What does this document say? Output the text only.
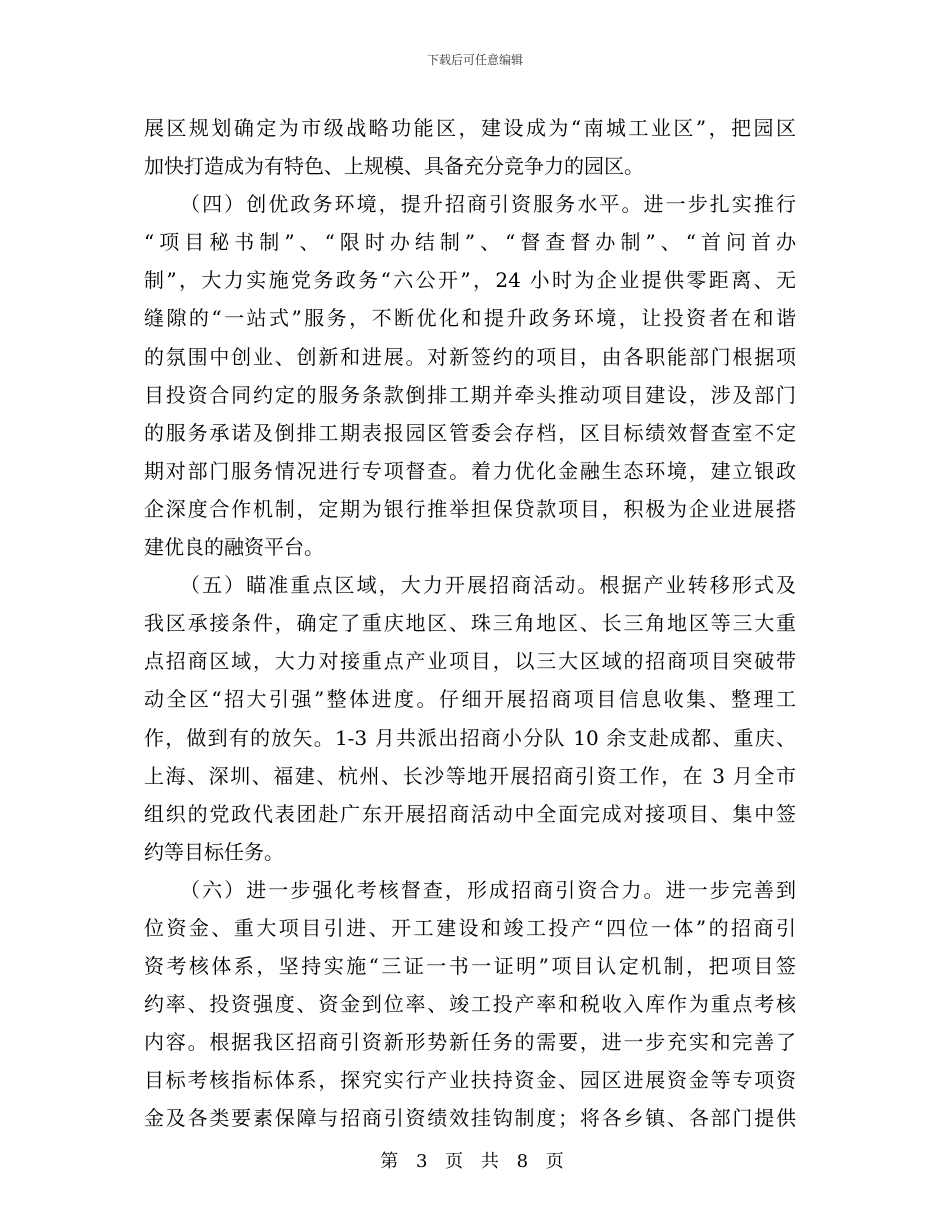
下载后可任意编辑
展区规划确定为市级战略功能区，建设成为“南城工业区”，把园区
加快打造成为有特色、上规模、具备充分竞争力的园区。
（四）创优政务环境，提升招商引资服务水平。进一步扎实推行
“项目秘书制”、“限时办结制”、“督查督办制”、“首问首办
制”，大力实施党务政务“六公开”，24 小时为企业提供零距离、无
缝隙的“一站式”服务，不断优化和提升政务环境，让投资者在和谐
的氛围中创业、创新和进展。对新签约的项目，由各职能部门根据项
目投资合同约定的服务条款倒排工期并牵头推动项目建设，涉及部门
的服务承诺及倒排工期表报园区管委会存档，区目标绩效督查室不定
期对部门服务情况进行专项督查。着力优化金融生态环境，建立银政
企深度合作机制，定期为银行推举担保贷款项目，积极为企业进展搭
建优良的融资平台。
（五）瞄准重点区域，大力开展招商活动。根据产业转移形式及
我区承接条件，确定了重庆地区、珠三角地区、长三角地区等三大重
点招商区域，大力对接重点产业项目，以三大区域的招商项目突破带
动全区“招大引强”整体进度。仔细开展招商项目信息收集、整理工
作，做到有的放矢。1-3 月共派出招商小分队 10 余支赴成都、重庆、
上海、深圳、福建、杭州、长沙等地开展招商引资工作，在 3 月全市
组织的党政代表团赴广东开展招商活动中全面完成对接项目、集中签
约等目标任务。
（六）进一步强化考核督查，形成招商引资合力。进一步完善到
位资金、重大项目引进、开工建设和竣工投产“四位一体”的招商引
资考核体系，坚持实施“三证一书一证明”项目认定机制，把项目签
约率、投资强度、资金到位率、竣工投产率和税收入库作为重点考核
内容。根据我区招商引资新形势新任务的需要，进一步充实和完善了
目标考核指标体系，探究实行产业扶持资金、园区进展资金等专项资
金及各类要素保障与招商引资绩效挂钩制度；将各乡镇、各部门提供
第 3 页 共 8 页
